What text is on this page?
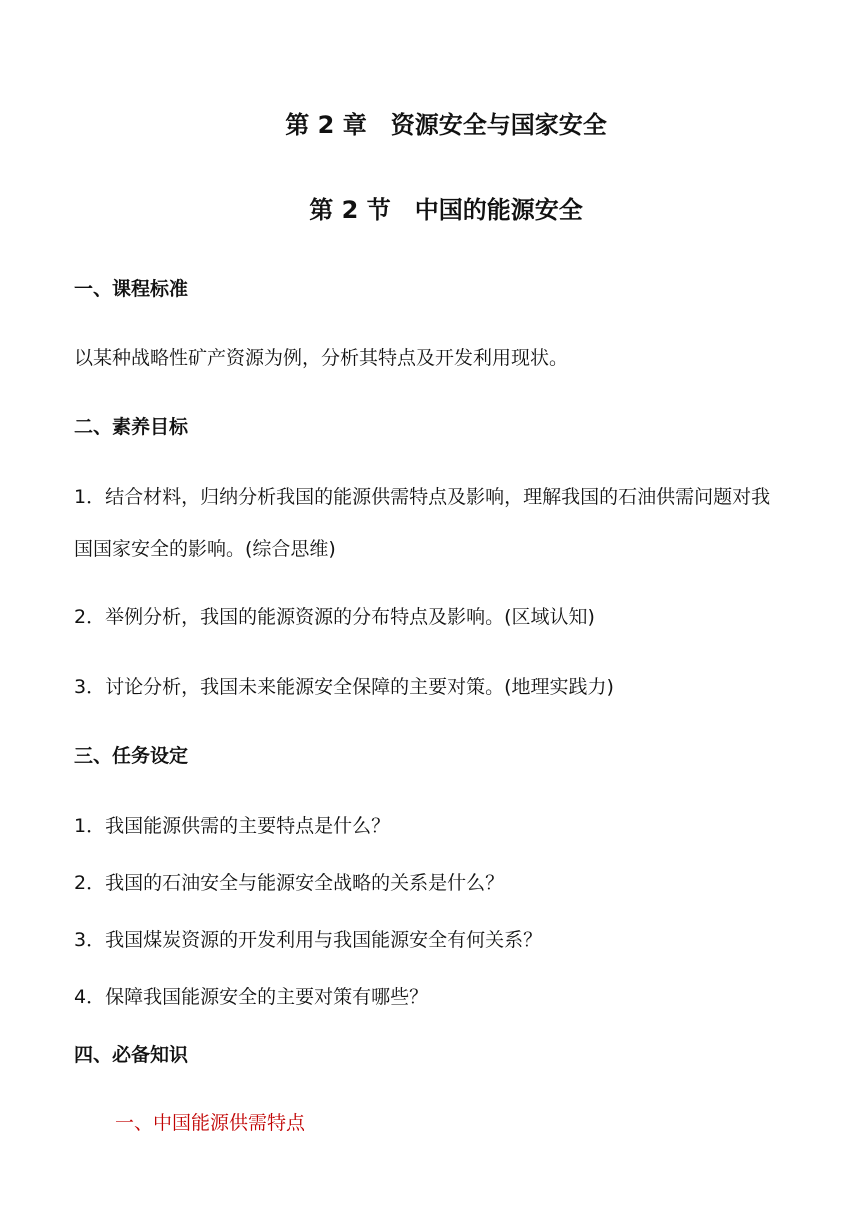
第 2 章　资源安全与国家安全
第 2 节　中国的能源安全
一、课程标准
以某种战略性矿产资源为例，分析其特点及开发利用现状。
二、素养目标
1．结合材料，归纳分析我国的能源供需特点及影响，理解我国的石油供需问题对我
国国家安全的影响。(综合思维)
2．举例分析，我国的能源资源的分布特点及影响。(区域认知)
3．讨论分析，我国未来能源安全保障的主要对策。(地理实践力)
三、任务设定
1．我国能源供需的主要特点是什么？
2．我国的石油安全与能源安全战略的关系是什么？
3．我国煤炭资源的开发利用与我国能源安全有何关系？
4．保障我国能源安全的主要对策有哪些？
四、必备知识
一、中国能源供需特点
